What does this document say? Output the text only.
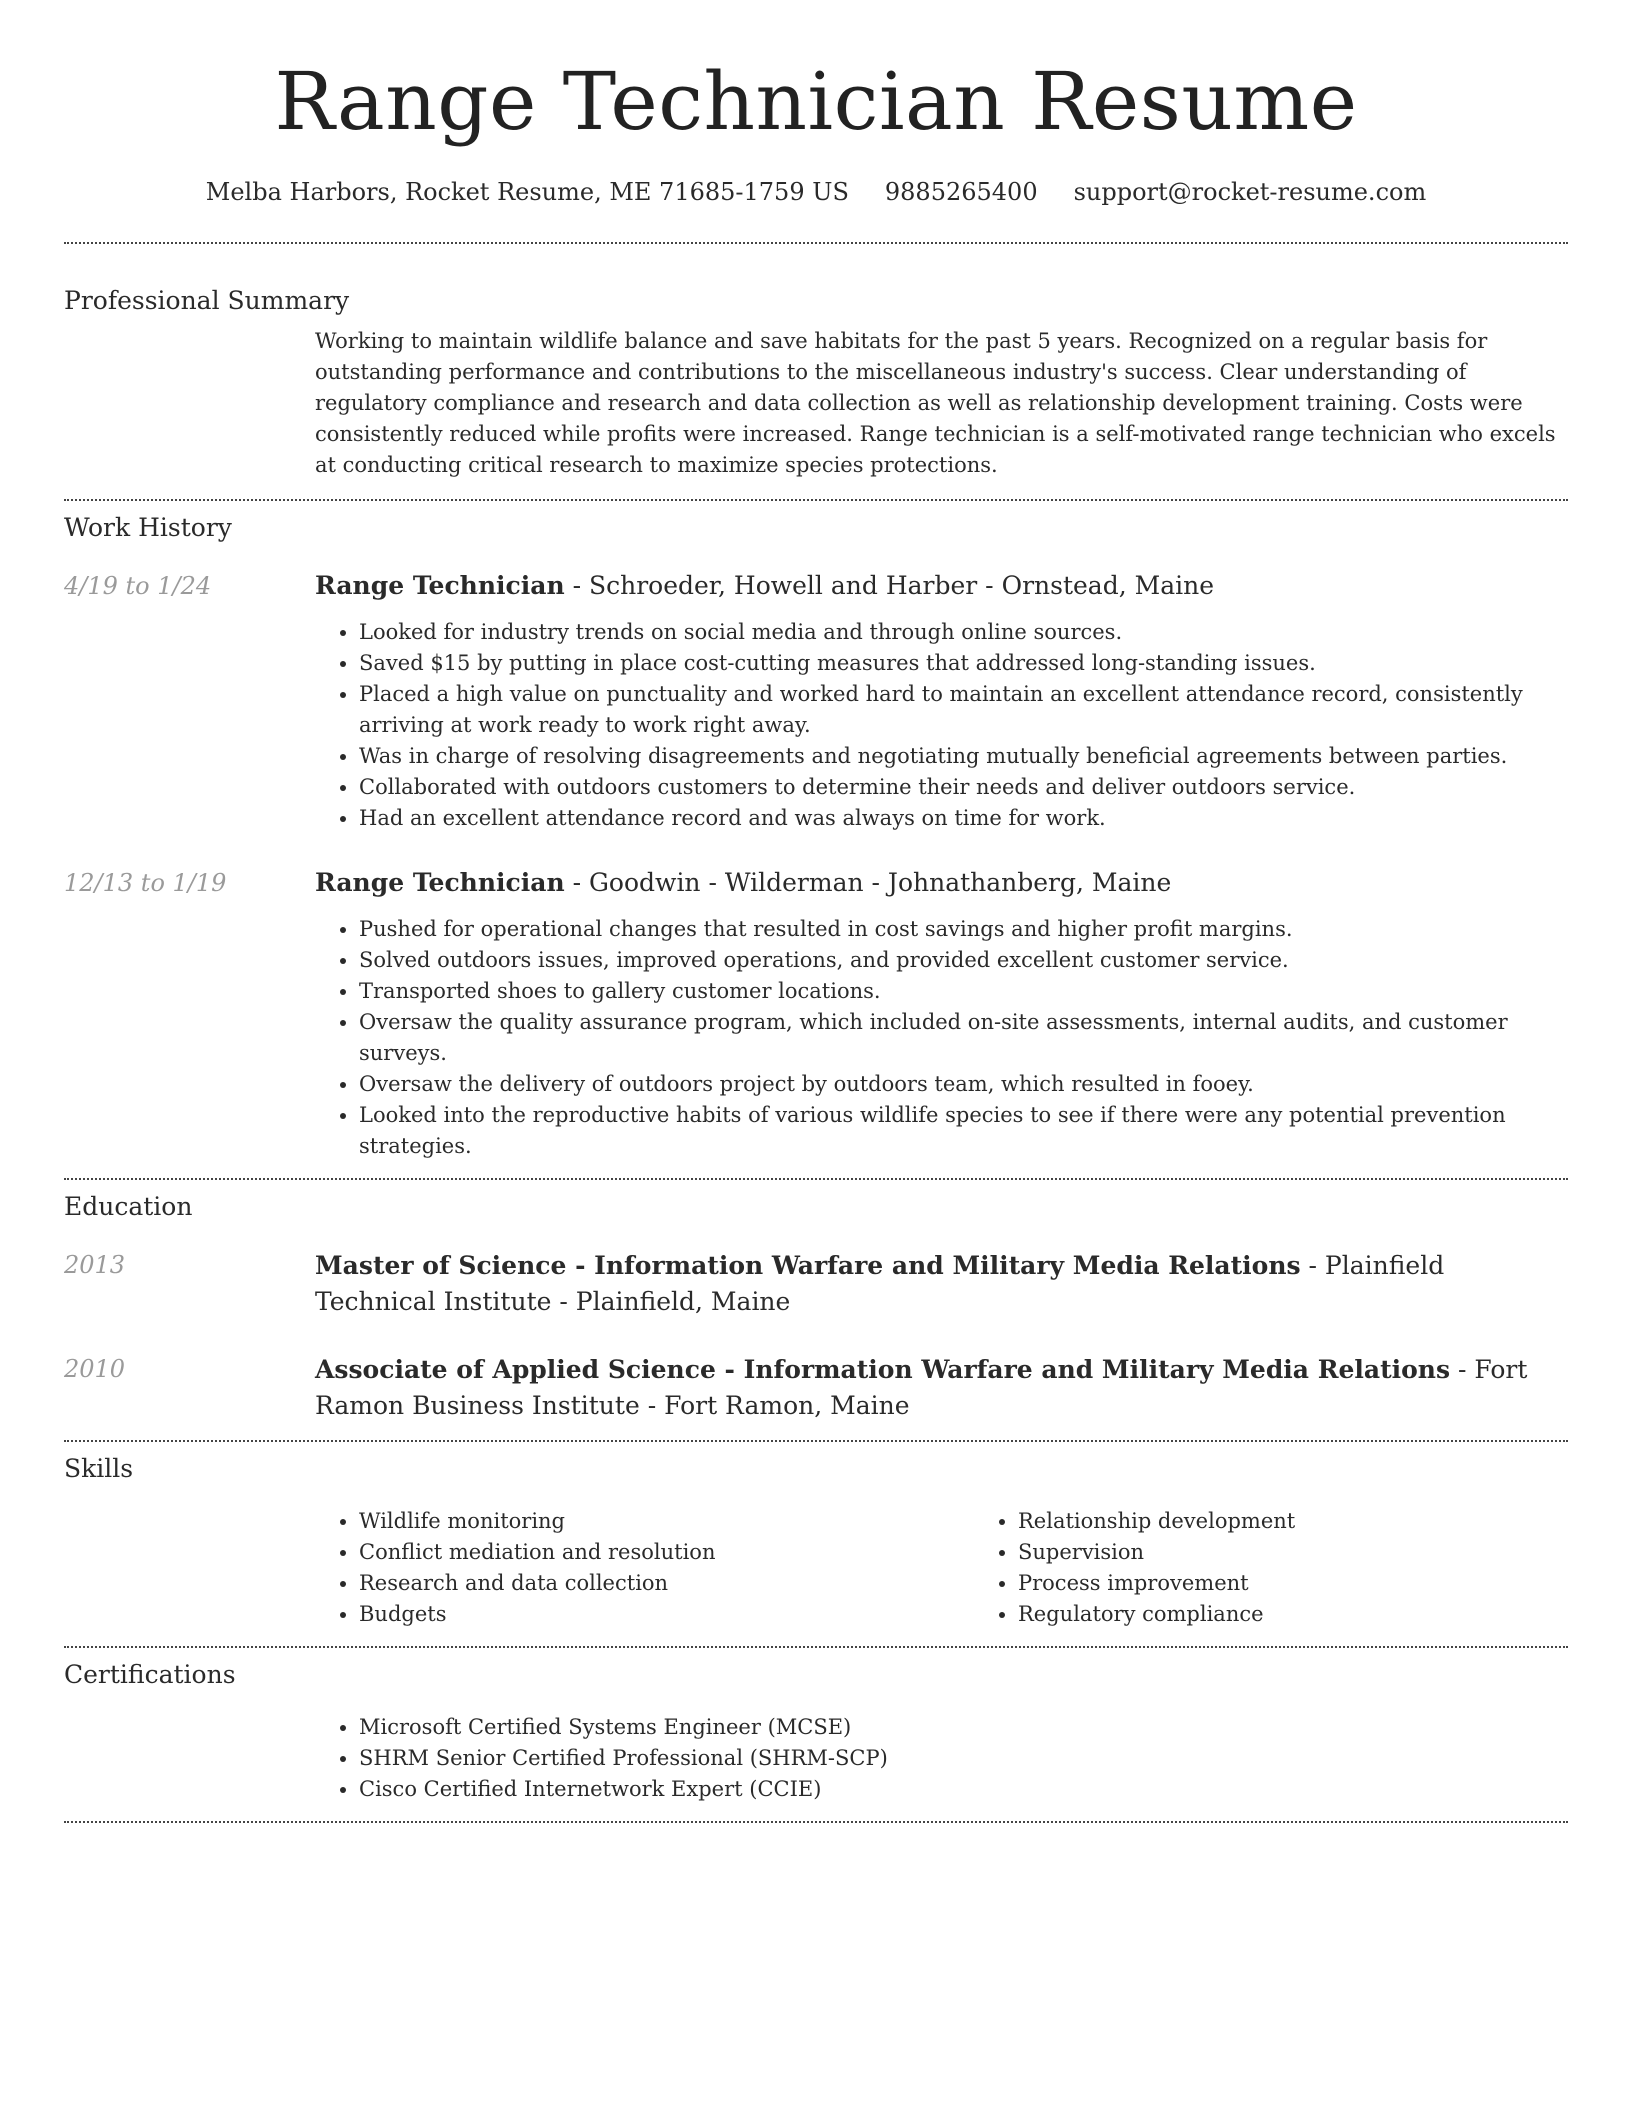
Range Technician Resume
Melba Harbors, Rocket Resume, ME 71685-1759 US 9885265400 support@rocket-resume.com
Professional Summary

Working to maintain wildlife balance and save habitats for the past 5 years. Recognized on a regular basis for outstanding performance and contributions to the miscellaneous industry's success. Clear understanding of regulatory compliance and research and data collection as well as relationship development training. Costs were consistently reduced while profits were increased. Range technician is a self-motivated range technician who excels at conducting critical research to maximize species protections.

Work History
4/19 to 1/24	Range Technician - Schroeder, Howell and Harber - Ornstead, Maine

• Looked for industry trends on social media and through online sources.
• Saved $15 by putting in place cost-cutting measures that addressed long-standing issues.
• Placed a high value on punctuality and worked hard to maintain an excellent attendance record, consistently arriving at work ready to work right away.
• Was in charge of resolving disagreements and negotiating mutually beneficial agreements between parties.
• Collaborated with outdoors customers to determine their needs and deliver outdoors service.
• Had an excellent attendance record and was always on time for work.
12/13 to 1/19	Range Technician - Goodwin - Wilderman - Johnathanberg, Maine

• Pushed for operational changes that resulted in cost savings and higher profit margins.
• Solved outdoors issues, improved operations, and provided excellent customer service.
• Transported shoes to gallery customer locations.
• Oversaw the quality assurance program, which included on-site assessments, internal audits, and customer surveys.
• Oversaw the delivery of outdoors project by outdoors team, which resulted in fooey.
• Looked into the reproductive habits of various wildlife species to see if there were any potential prevention strategies.
Education
2013	Master of Science - Information Warfare and Military Media Relations - Plainfield Technical Institute - Plainfield, Maine

2010	Associate of Applied Science - Information Warfare and Military Media Relations - Fort Ramon Business Institute - Fort Ramon, Maine

Skills
• Wildlife monitoring
• Conflict mediation and resolution
• Research and data collection
• Budgets
• Relationship development
• Supervision
• Process improvement
• Regulatory compliance
Certifications
• Microsoft Certified Systems Engineer (MCSE)
• SHRM Senior Certified Professional (SHRM-SCP)
• Cisco Certified Internetwork Expert (CCIE)
